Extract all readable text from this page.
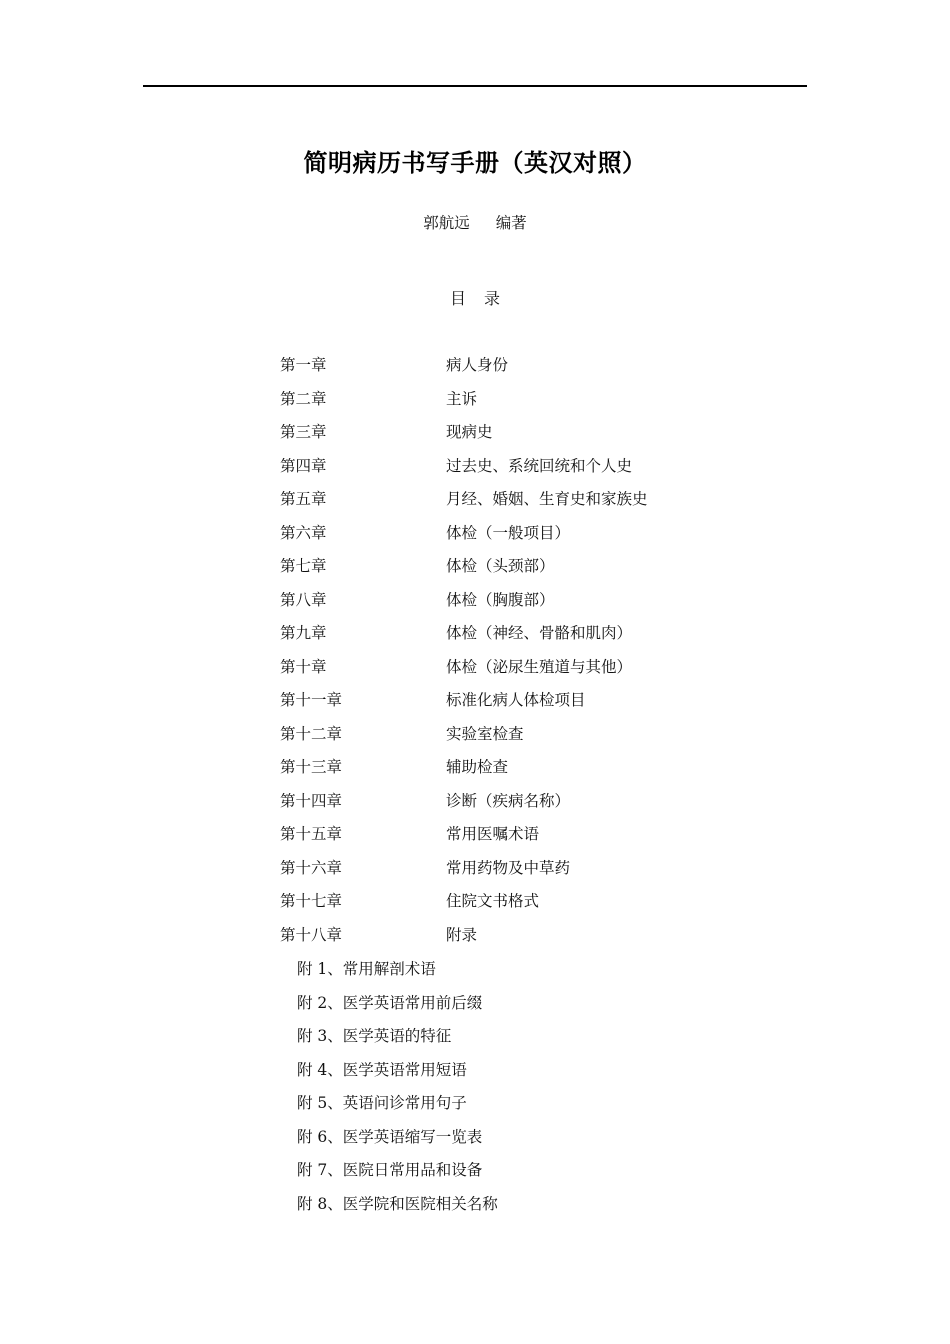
简明病历书写手册（英汉对照）
郭航远 编著
目录
第一章	病人身份
第二章	主诉
第三章	现病史
第四章	过去史、系统回统和个人史
第五章	月经、婚姻、生育史和家族史
第六章	体检（一般项目）
第七章	体检（头颈部）
第八章	体检（胸腹部）
第九章	体检（神经、骨骼和肌肉）
第十章	体检（泌尿生殖道与其他）
第十一章	标准化病人体检项目
第十二章	实验室检查
第十三章	辅助检查
第十四章	诊断（疾病名称）
第十五章	常用医嘱术语
第十六章	常用药物及中草药
第十七章	住院文书格式
第十八章	附录
附 1、常用解剖术语
附 2、医学英语常用前后缀
附 3、医学英语的特征
附 4、医学英语常用短语
附 5、英语问诊常用句子
附 6、医学英语缩写一览表
附 7、医院日常用品和设备
附 8、医学院和医院相关名称
